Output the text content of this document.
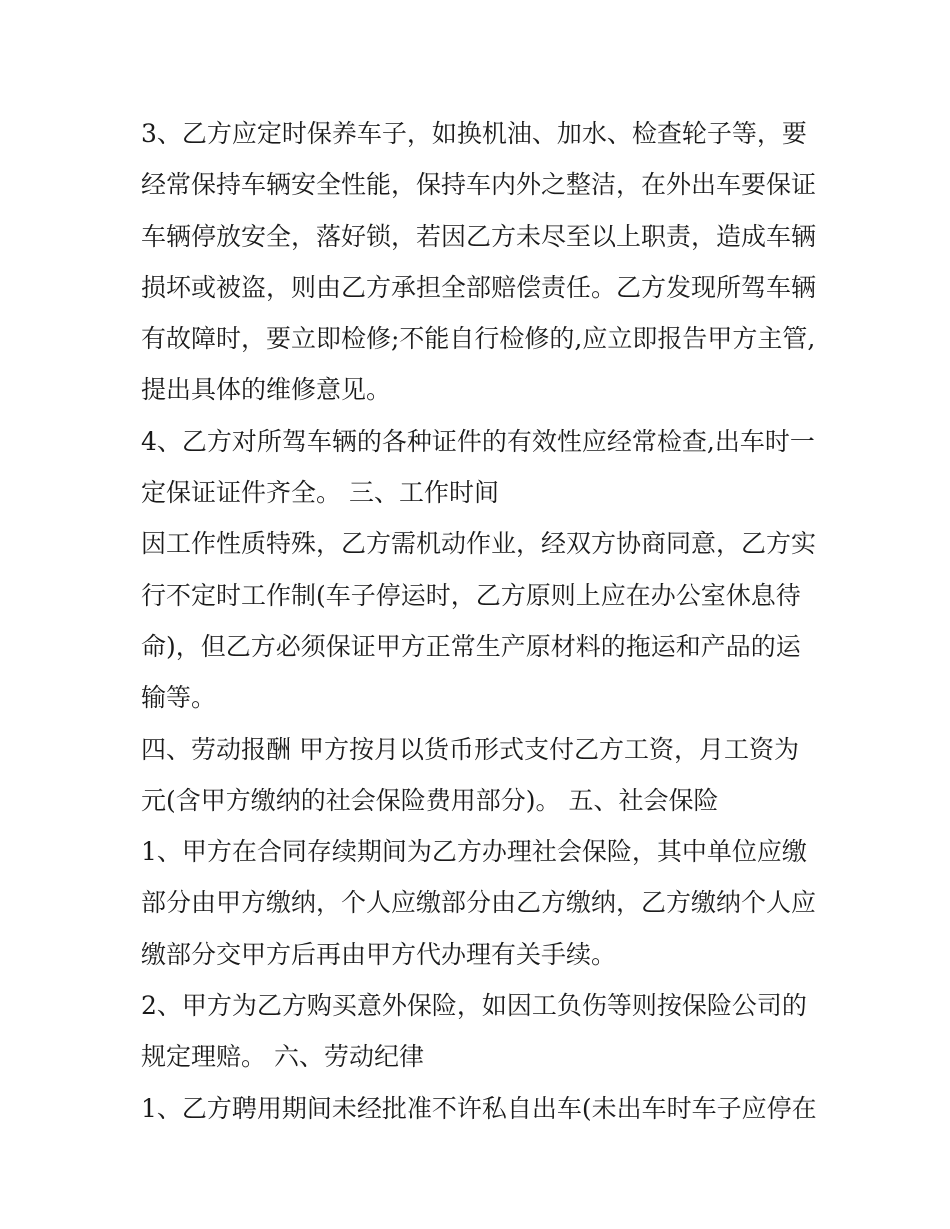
3、乙方应定时保养车子，如换机油、加水、检查轮子等，要
经常保持车辆安全性能，保持车内外之整洁，在外出车要保证
车辆停放安全，落好锁，若因乙方未尽至以上职责，造成车辆
损坏或被盗，则由乙方承担全部赔偿责任。乙方发现所驾车辆
有故障时，要立即检修;不能自行检修的,应立即报告甲方主管,
提出具体的维修意见。
4、乙方对所驾车辆的各种证件的有效性应经常检查,出车时一
定保证证件齐全。 三、工作时间
因工作性质特殊，乙方需机动作业，经双方协商同意，乙方实
行不定时工作制(车子停运时，乙方原则上应在办公室休息待
命)，但乙方必须保证甲方正常生产原材料的拖运和产品的运
输等。
四、劳动报酬 甲方按月以货币形式支付乙方工资，月工资为
元(含甲方缴纳的社会保险费用部分)。 五、社会保险
1、甲方在合同存续期间为乙方办理社会保险，其中单位应缴
部分由甲方缴纳，个人应缴部分由乙方缴纳，乙方缴纳个人应
缴部分交甲方后再由甲方代办理有关手续。
2、甲方为乙方购买意外保险，如因工负伤等则按保险公司的
规定理赔。 六、劳动纪律
1、乙方聘用期间未经批准不许私自出车(未出车时车子应停在
